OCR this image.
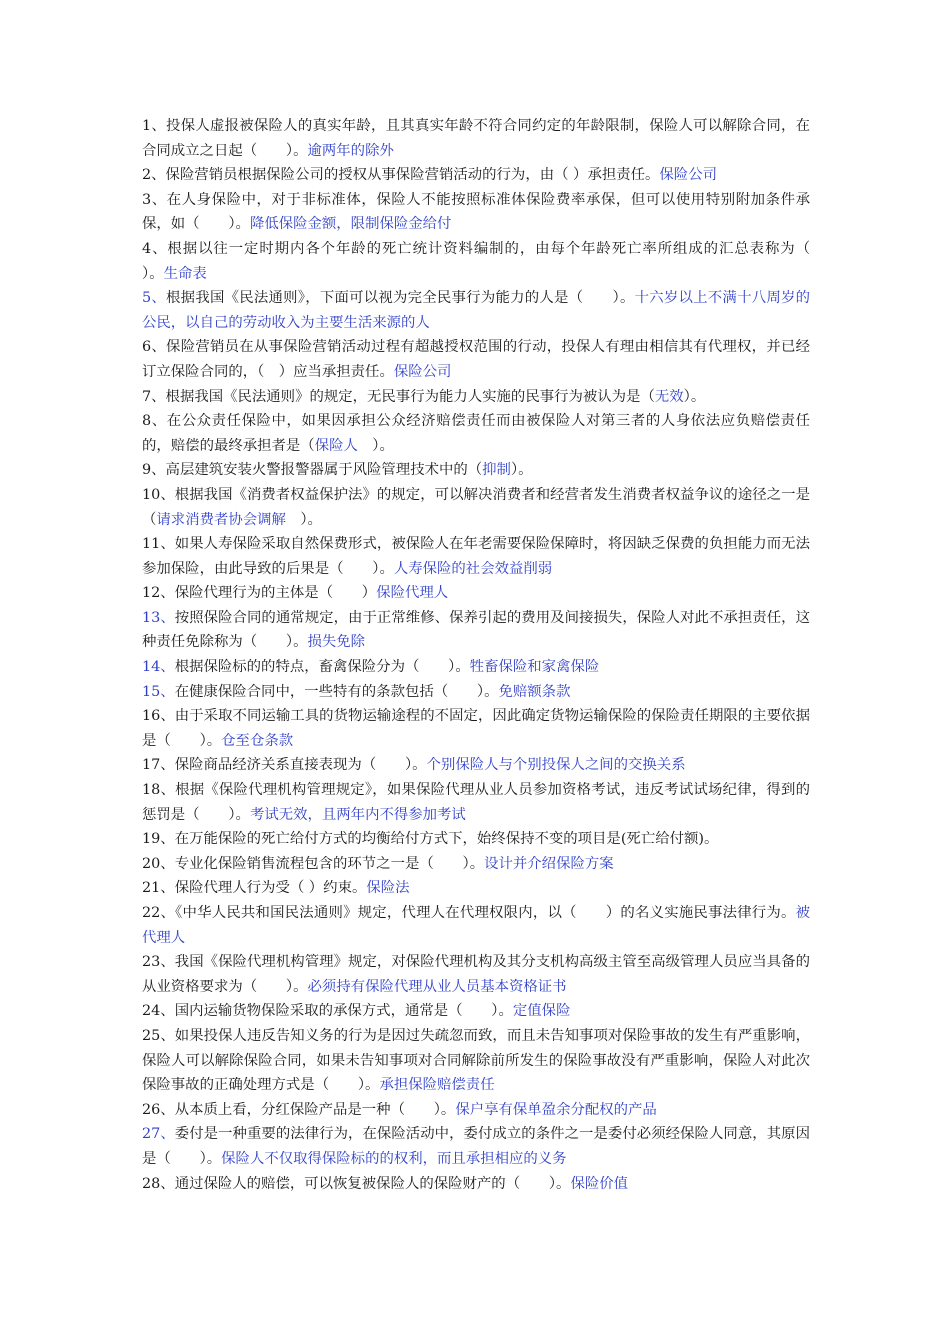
1、投保人虚报被保险人的真实年龄，且其真实年龄不符合同约定的年龄限制，保险人可以解除合同，在合同成立之日起（　　）。逾两年的除外

2、保险营销员根据保险公司的授权从事保险营销活动的行为，由（ ）承担责任。保险公司

3、在人身保险中，对于非标准体，保险人不能按照标准体保险费率承保，但可以使用特别附加条件承保，如（　　）。降低保险金额，限制保险金给付

4、根据以往一定时期内各个年龄的死亡统计资料编制的，由每个年龄死亡率所组成的汇总表称为（　　）。生命表

5、根据我国《民法通则》，下面可以视为完全民事行为能力的人是（　　）。十六岁以上不满十八周岁的公民，以自己的劳动收入为主要生活来源的人

6、保险营销员在从事保险营销活动过程有超越授权范围的行动，投保人有理由相信其有代理权，并已经订立保险合同的，（　）应当承担责任。保险公司

7、根据我国《民法通则》的规定，无民事行为能力人实施的民事行为被认为是（无效）。

8、在公众责任保险中，如果因承担公众经济赔偿责任而由被保险人对第三者的人身依法应负赔偿责任的，赔偿的最终承担者是（保险人　）。

9、高层建筑安装火警报警器属于风险管理技术中的（抑制）。

10、根据我国《消费者权益保护法》的规定，可以解决消费者和经营者发生消费者权益争议的途径之一是（请求消费者协会调解　）。

11、如果人寿保险采取自然保费形式，被保险人在年老需要保险保障时，将因缺乏保费的负担能力而无法参加保险，由此导致的后果是（　　）。人寿保险的社会效益削弱

12、保险代理行为的主体是（　　）保险代理人

13、按照保险合同的通常规定，由于正常维修、保养引起的费用及间接损失，保险人对此不承担责任，这种责任免除称为（　　）。损失免除

14、根据保险标的的特点，畜禽保险分为（　　）。牲畜保险和家禽保险

15、在健康保险合同中，一些特有的条款包括（　　）。免赔额条款

16、由于采取不同运输工具的货物运输途程的不固定，因此确定货物运输保险的保险责任期限的主要依据是（　　）。仓至仓条款

17、保险商品经济关系直接表现为（　　）。个别保险人与个别投保人之间的交换关系

18、根据《保险代理机构管理规定》，如果保险代理从业人员参加资格考试，违反考试试场纪律，得到的惩罚是（　　）。考试无效，且两年内不得参加考试

19、在万能保险的死亡给付方式的均衡给付方式下，始终保持不变的项目是(死亡给付额)。

20、专业化保险销售流程包含的环节之一是（　　）。设计并介绍保险方案

21、保险代理人行为受（ ）约束。保险法

22、《中华人民共和国民法通则》规定，代理人在代理权限内，以（　　）的名义实施民事法律行为。被代理人

23、我国《保险代理机构管理》规定，对保险代理机构及其分支机构高级主管至高级管理人员应当具备的从业资格要求为（　　）。必须持有保险代理从业人员基本资格证书

24、国内运输货物保险采取的承保方式，通常是（　　）。定值保险

25、如果投保人违反告知义务的行为是因过失疏忽而致，而且未告知事项对保险事故的发生有严重影响，保险人可以解除保险合同，如果未告知事项对合同解除前所发生的保险事故没有严重影响，保险人对此次保险事故的正确处理方式是（　　）。承担保险赔偿责任

26、从本质上看，分红保险产品是一种（　　）。保户享有保单盈余分配权的产品

27、委付是一种重要的法律行为，在保险活动中，委付成立的条件之一是委付必须经保险人同意，其原因是（　　）。保险人不仅取得保险标的的权利，而且承担相应的义务

28、通过保险人的赔偿，可以恢复被保险人的保险财产的（　　）。保险价值
